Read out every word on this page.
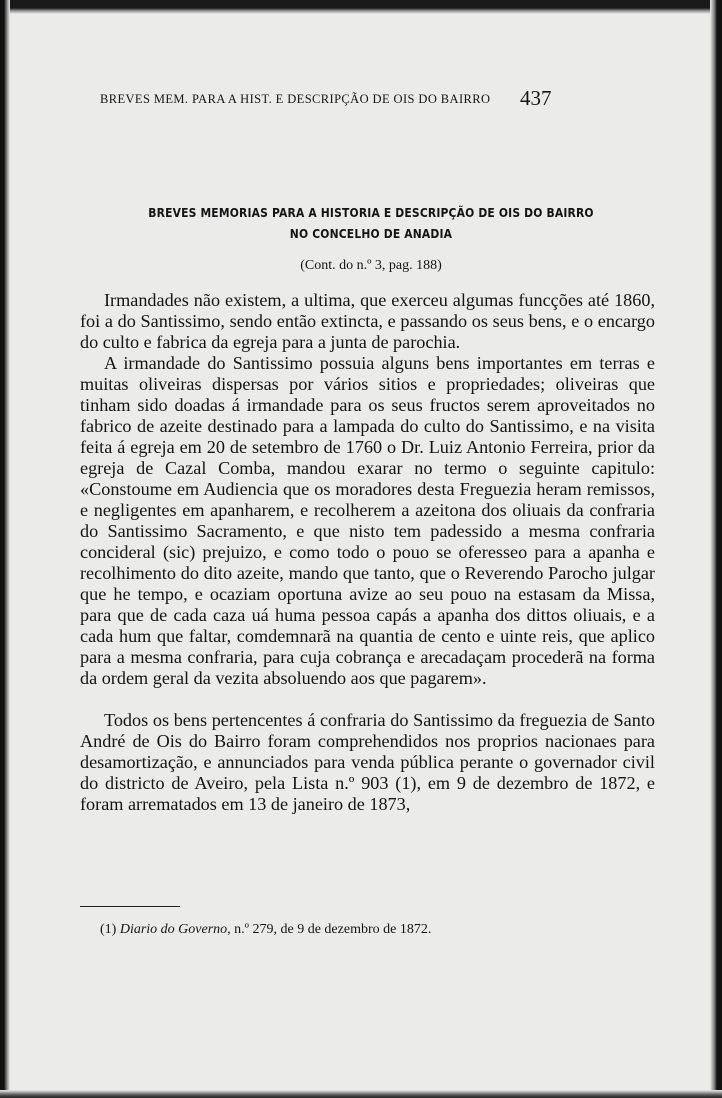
BREVES MEM. PARA A HIST. E DESCRIPÇÃO DE OIS DO BAIRRO	437
BREVES MEMORIAS PARA A HISTORIA E DESCRIPÇÃO DE OIS DO BAIRRO
NO CONCELHO DE ANADIA
(Cont. do n.º 3, pag. 188)

Irmandades não existem, a ultima, que exerceu algumas funcções até 1860, foi a do Santissimo, sendo então extincta, e passando os seus bens, e o encargo do culto e fabrica da egreja para a junta de parochia.

A irmandade do Santissimo possuia alguns bens importantes em terras e muitas oliveiras dispersas por vários sitios e propriedades; oliveiras que tinham sido doadas á irmandade para os seus fructos serem aproveitados no fabrico de azeite destinado para a lampada do culto do Santissimo, e na visita feita á egreja em 20 de setembro de 1760 o Dr. Luiz Antonio Ferreira, prior da egreja de Cazal Comba, mandou exarar no termo o seguinte capitulo: «Constoume em Audiencia que os moradores desta Freguezia heram remissos, e negligentes em apanharem, e recolherem a azeitona dos oliuais da confraria do Santissimo Sacramento, e que nisto tem padessido a mesma confraria concideral (sic) prejuizo, e como todo o pouo se oferesseo para a apanha e recolhimento do dito azeite, mando que tanto, que o Reverendo Parocho julgar que he tempo, e ocaziam oportuna avize ao seu pouo na estasam da Missa, para que de cada caza uá huma pessoa capás a apanha dos dittos oliuais, e a cada hum que faltar, comdemnarã na quantia de cento e uinte reis, que aplico para a mesma confraria, para cuja cobrança e arecadaçam procederã na forma da ordem geral da vezita absoluendo aos que pagarem».

Todos os bens pertencentes á confraria do Santissimo da freguezia de Santo André de Ois do Bairro foram comprehendidos nos proprios nacionaes para desamortização, e annunciados para venda pública perante o governador civil do districto de Aveiro, pela Lista n.º 903 (1), em 9 de dezembro de 1872, e foram arrematados em 13 de janeiro de 1873,

(1) Diario do Governo, n.º 279, de 9 de dezembro de 1872.
